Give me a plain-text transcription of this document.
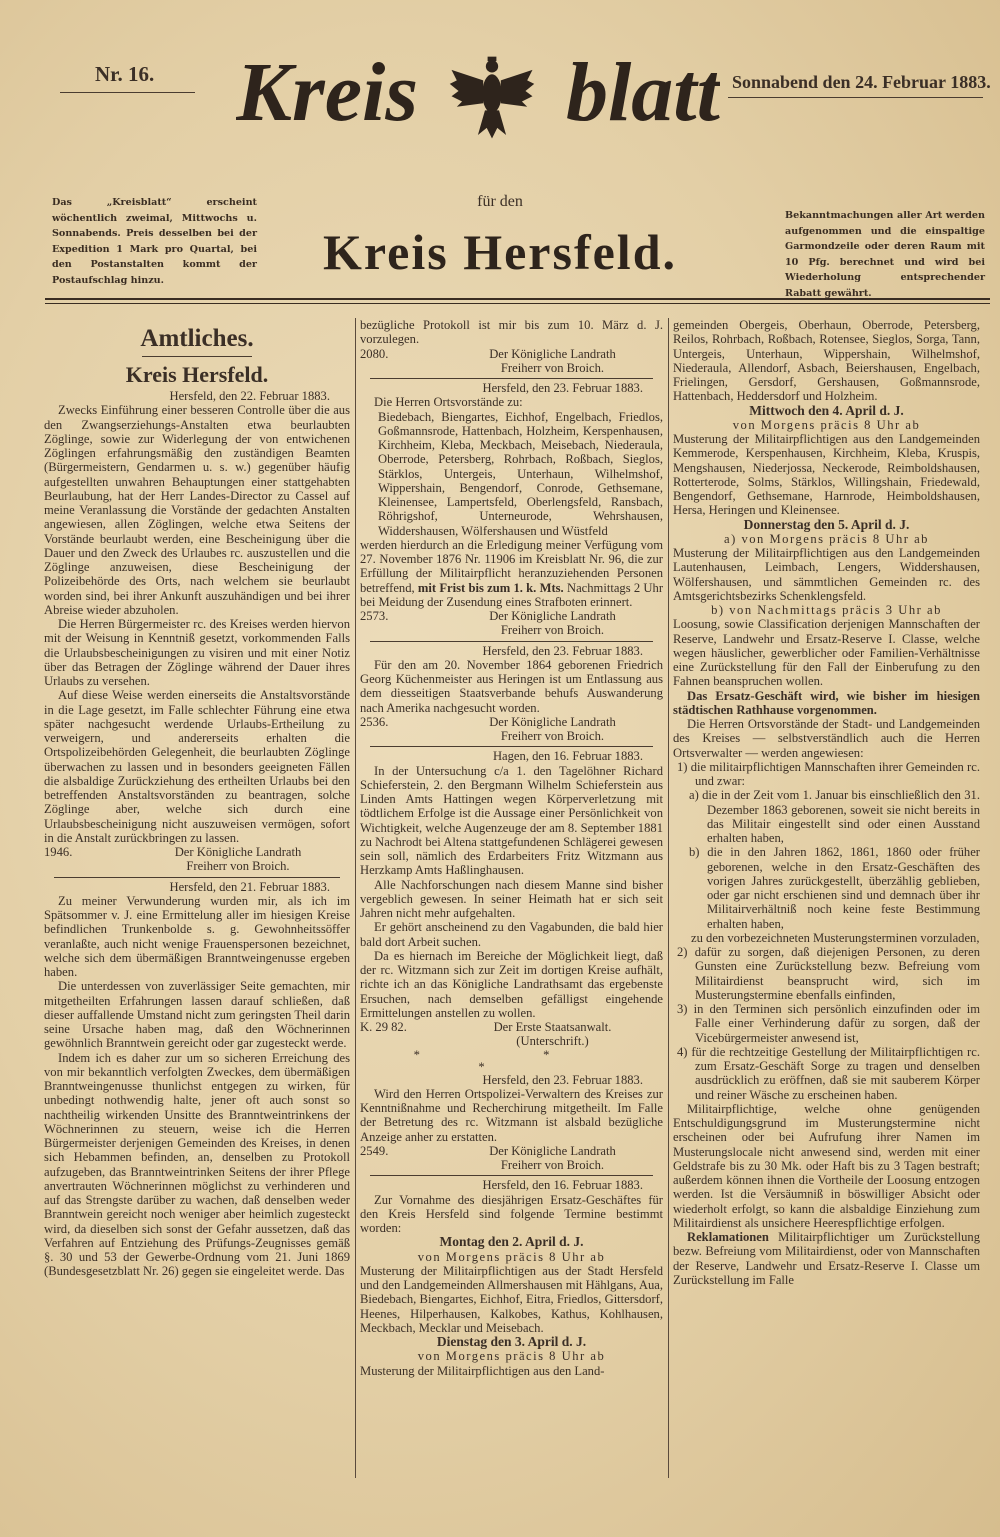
Nr. 16. Kreis blatt Sonnabend den 24. Februar 1883.
für den
Kreis Hersfeld.
Das „Kreisblatt“ erscheint wöchentlich zweimal, Mittwochs u. Sonnabends. Preis desselben bei der Expedition 1 Mark pro Quartal, bei den Postanstalten kommt der Postaufschlag hinzu.
Bekanntmachungen aller Art werden aufgenommen und die einspaltige Garmondzeile oder deren Raum mit 10 Pfg. berechnet und wird bei Wiederholung entsprechender Rabatt gewährt.
Amtliches.
Kreis Hersfeld.
Hersfeld, den 22. Februar 1883.
Zwecks Einführung einer besseren Controlle über die aus den Zwangserziehungs-Anstalten etwa beurlaubten Zöglinge, sowie zur Widerlegung der von entwichenen Zöglingen erfahrungsmäßig den zuständigen Beamten (Bürgermeistern, Gendarmen u. s. w.) gegenüber häufig aufgestellten unwahren Behauptungen einer stattgehabten Beurlaubung, hat der Herr Landes-Director zu Cassel auf meine Veranlassung die Vorstände der gedachten Anstalten angewiesen, allen Zöglingen, welche etwa Seitens der Vorstände beurlaubt werden, eine Bescheinigung über die Dauer und den Zweck des Urlaubes rc. auszustellen und die Zöglinge anzuweisen, diese Bescheinigung der Polizeibehörde des Orts, nach welchem sie beurlaubt worden sind, bei ihrer Ankunft auszuhändigen und bei ihrer Abreise wieder abzuholen.
Die Herren Bürgermeister rc. des Kreises werden hiervon mit der Weisung in Kenntniß gesetzt, vorkommenden Falls die Urlaubsbescheinigungen zu visiren und mit einer Notiz über das Betragen der Zöglinge während der Dauer ihres Urlaubs zu versehen.
Auf diese Weise werden einerseits die Anstaltsvorstände in die Lage gesetzt, im Falle schlechter Führung eine etwa später nachgesucht werdende Urlaubs-Ertheilung zu verweigern, und andererseits erhalten die Ortspolizeibehörden Gelegenheit, die beurlaubten Zöglinge überwachen zu lassen und in besonders geeigneten Fällen die alsbaldige Zurückziehung des ertheilten Urlaubs bei den betreffenden Anstaltsvorständen zu beantragen, solche Zöglinge aber, welche sich durch eine Urlaubsbescheinigung nicht auszuweisen vermögen, sofort in die Anstalt zurückbringen zu lassen.
1946.	Der Königliche Landrath
Freiherr von Broich.
Hersfeld, den 21. Februar 1883.
Zu meiner Verwunderung wurden mir, als ich im Spätsommer v. J. eine Ermittelung aller im hiesigen Kreise befindlichen Trunkenbolde s. g. Gewohnheitssöffer veranlaßte, auch nicht wenige Frauenspersonen bezeichnet, welche sich dem übermäßigen Branntweingenusse ergeben haben.
Die unterdessen von zuverlässiger Seite gemachten, mir mitgetheilten Erfahrungen lassen darauf schließen, daß dieser auffallende Umstand nicht zum geringsten Theil darin seine Ursache haben mag, daß den Wöchnerinnen gewöhnlich Branntwein gereicht oder gar zugesteckt werde.
Indem ich es daher zur um so sicheren Erreichung des von mir bekanntlich verfolgten Zweckes, dem übermäßigen Branntweingenusse thunlichst entgegen zu wirken, für unbedingt nothwendig halte, jener oft auch sonst so nachtheilig wirkenden Unsitte des Branntweintrinkens der Wöchnerinnen zu steuern, weise ich die Herren Bürgermeister derjenigen Gemeinden des Kreises, in denen sich Hebammen befinden, an, denselben zu Protokoll aufzugeben, das Branntweintrinken Seitens der ihrer Pflege anvertrauten Wöchnerinnen möglichst zu verhinderen und auf das Strengste darüber zu wachen, daß denselben weder Branntwein gereicht noch weniger aber heimlich zugesteckt wird, da dieselben sich sonst der Gefahr aussetzen, daß das Verfahren auf Entziehung des Prüfungs-Zeugnisses gemäß §. 30 und 53 der Gewerbe-Ordnung vom 21. Juni 1869 (Bundesgesetzblatt Nr. 26) gegen sie eingeleitet werde. Das
bezügliche Protokoll ist mir bis zum 10. März d. J. vorzulegen.
2080.	Der Königliche Landrath
Freiherr von Broich.
Hersfeld, den 23. Februar 1883.
Die Herren Ortsvorstände zu:
Biedebach, Biengartes, Eichhof, Engelbach, Friedlos, Goßmannsrode, Hattenbach, Holzheim, Kerspenhausen, Kirchheim, Kleba, Meckbach, Meisebach, Niederaula, Oberrode, Petersberg, Rohrbach, Roßbach, Sieglos, Stärklos, Untergeis, Unterhaun, Wilhelmshof, Wippershain, Bengendorf, Conrode, Gethsemane, Kleinensee, Lampertsfeld, Oberlengsfeld, Ransbach, Röhrigshof, Unterneurode, Wehrshausen, Widdershausen, Wölfershausen und Wüstfeld
werden hierdurch an die Erledigung meiner Verfügung vom 27. November 1876 Nr. 11906 im Kreisblatt Nr. 96, die zur Erfüllung der Militairpflicht heranzuziehenden Personen betreffend, mit Frist bis zum 1. k. Mts. Nachmittags 2 Uhr bei Meidung der Zusendung eines Strafboten erinnert.
2573.	Der Königliche Landrath
Freiherr von Broich.
Hersfeld, den 23. Februar 1883.
Für den am 20. November 1864 geborenen Friedrich Georg Küchenmeister aus Heringen ist um Entlassung aus dem diesseitigen Staatsverbande behufs Auswanderung nach Amerika nachgesucht worden.
2536.	Der Königliche Landrath
Freiherr von Broich.
Hagen, den 16. Februar 1883.
In der Untersuchung c/a 1. den Tagelöhner Richard Schieferstein, 2. den Bergmann Wilhelm Schieferstein aus Linden Amts Hattingen wegen Körperverletzung mit tödtlichem Erfolge ist die Aussage einer Persönlichkeit von Wichtigkeit, welche Augenzeuge der am 8. September 1881 zu Nachrodt bei Altena stattgefundenen Schlägerei gewesen sein soll, nämlich des Erdarbeiters Fritz Witzmann aus Herzkamp Amts Haßlinghausen.
Alle Nachforschungen nach diesem Manne sind bisher vergeblich gewesen. In seiner Heimath hat er sich seit Jahren nicht mehr aufgehalten.
Er gehört anscheinend zu den Vagabunden, die bald hier bald dort Arbeit suchen.
Da es hiernach im Bereiche der Möglichkeit liegt, daß der rc. Witzmann sich zur Zeit im dortigen Kreise aufhält, richte ich an das Königliche Landrathsamt das ergebenste Ersuchen, nach demselben gefälligst eingehende Ermittelungen anstellen zu wollen.
K. 29 82.	Der Erste Staatsanwalt.
(Unterschrift.)
* * *
Hersfeld, den 23. Februar 1883.
Wird den Herren Ortspolizei-Verwaltern des Kreises zur Kenntnißnahme und Recherchirung mitgetheilt. Im Falle der Betretung des rc. Witzmann ist alsbald bezügliche Anzeige anher zu erstatten.
2549.	Der Königliche Landrath
Freiherr von Broich.
Hersfeld, den 16. Februar 1883.
Zur Vornahme des diesjährigen Ersatz-Geschäftes für den Kreis Hersfeld sind folgende Termine bestimmt worden:
Montag den 2. April d. J.
von Morgens präcis 8 Uhr ab
Musterung der Militairpflichtigen aus der Stadt Hersfeld und den Landgemeinden Allmershausen mit Hählgans, Aua, Biedebach, Biengartes, Eichhof, Eitra, Friedlos, Gittersdorf, Heenes, Hilperhausen, Kalkobes, Kathus, Kohlhausen, Meckbach, Mecklar und Meisebach.
Dienstag den 3. April d. J.
von Morgens präcis 8 Uhr ab
Musterung der Militairpflichtigen aus den Land-
gemeinden Obergeis, Oberhaun, Oberrode, Petersberg, Reilos, Rohrbach, Roßbach, Rotensee, Sieglos, Sorga, Tann, Untergeis, Unterhaun, Wippershain, Wilhelmshof, Niederaula, Allendorf, Asbach, Beiershausen, Engelbach, Frielingen, Gersdorf, Gershausen, Goßmannsrode, Hattenbach, Heddersdorf und Holzheim.
Mittwoch den 4. April d. J.
von Morgens präcis 8 Uhr ab
Musterung der Militairpflichtigen aus den Landgemeinden Kemmerode, Kerspenhausen, Kirchheim, Kleba, Kruspis, Mengshausen, Niederjossa, Neckerode, Reimboldshausen, Rotterterode, Solms, Stärklos, Willingshain, Friedewald, Bengendorf, Gethsemane, Harnrode, Heimboldshausen, Hersa, Heringen und Kleinensee.
Donnerstag den 5. April d. J.
a) von Morgens präcis 8 Uhr ab
Musterung der Militairpflichtigen aus den Landgemeinden Lautenhausen, Leimbach, Lengers, Widdershausen, Wölfershausen, und sämmtlichen Gemeinden rc. des Amtsgerichtsbezirks Schenklengsfeld.
b) von Nachmittags präcis 3 Uhr ab
Loosung, sowie Classification derjenigen Mannschaften der Reserve, Landwehr und Ersatz-Reserve I. Classe, welche wegen häuslicher, gewerblicher oder Familien-Verhältnisse eine Zurückstellung für den Fall der Einberufung zu den Fahnen beanspruchen wollen.
Das Ersatz-Geschäft wird, wie bisher im hiesigen städtischen Rathhause vorgenommen.
Die Herren Ortsvorstände der Stadt- und Landgemeinden des Kreises — selbstverständlich auch die Herren Ortsverwalter — werden angewiesen:
1) die militairpflichtigen Mannschaften ihrer Gemeinden rc. und zwar:
a) die in der Zeit vom 1. Januar bis einschließlich den 31. Dezember 1863 geborenen, soweit sie nicht bereits in das Militair eingestellt sind oder einen Ausstand erhalten haben,
b) die in den Jahren 1862, 1861, 1860 oder früher geborenen, welche in den Ersatz-Geschäften des vorigen Jahres zurückgestellt, überzählig geblieben, oder gar nicht erschienen sind und demnach über ihr Militairverhältniß noch keine feste Bestimmung erhalten haben,
zu den vorbezeichneten Musterungsterminen vorzuladen,
2) dafür zu sorgen, daß diejenigen Personen, zu deren Gunsten eine Zurückstellung bezw. Befreiung vom Militairdienst beansprucht wird, sich im Musterungstermine ebenfalls einfinden,
3) in den Terminen sich persönlich einzufinden oder im Falle einer Verhinderung dafür zu sorgen, daß der Vicebürgermeister anwesend ist,
4) für die rechtzeitige Gestellung der Militairpflichtigen rc. zum Ersatz-Geschäft Sorge zu tragen und denselben ausdrücklich zu eröffnen, daß sie mit sauberem Körper und reiner Wäsche zu erscheinen haben.
Militairpflichtige, welche ohne genügenden Entschuldigungsgrund im Musterungstermine nicht erscheinen oder bei Aufrufung ihrer Namen im Musterungslocale nicht anwesend sind, werden mit einer Geldstrafe bis zu 30 Mk. oder Haft bis zu 3 Tagen bestraft; außerdem können ihnen die Vortheile der Loosung entzogen werden. Ist die Versäumniß in böswilliger Absicht oder wiederholt erfolgt, so kann die alsbaldige Einziehung zum Militairdienst als unsichere Heerespflichtige erfolgen.
Reklamationen Militairpflichtiger um Zurückstellung bezw. Befreiung vom Militairdienst, oder von Mannschaften der Reserve, Landwehr und Ersatz-Reserve I. Classe um Zurückstellung im Falle
